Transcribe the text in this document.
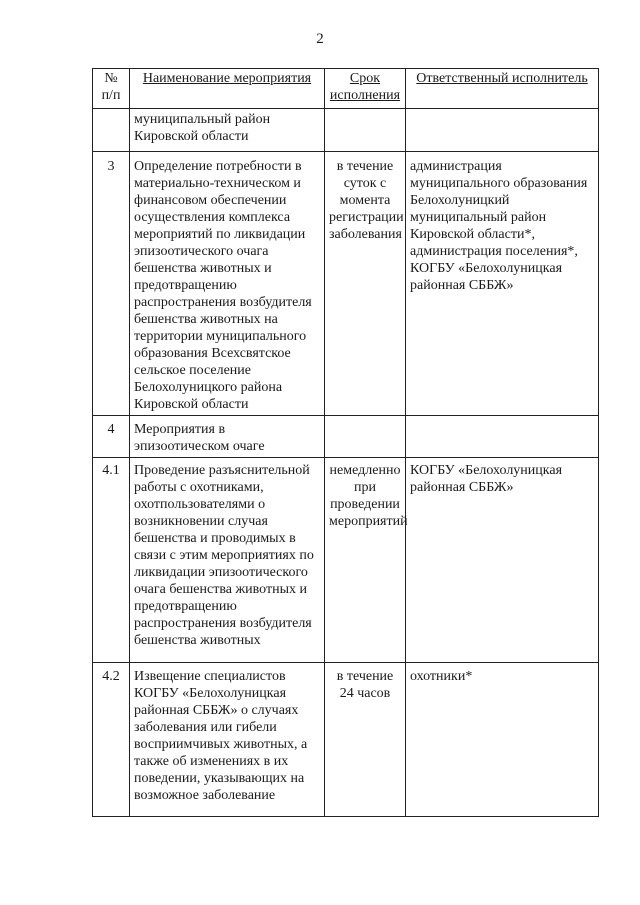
2
№ п/п	Наименование мероприятия	Срок исполнения	Ответственный исполнитель
	муниципальный район Кировской области		
3	Определение потребности в материально-техническом и финансовом обеспечении осуществления комплекса мероприятий по ликвидации эпизоотического очага бешенства животных и предотвращению распространения возбудителя бешенства животных на территории муниципального образования Всехсвятское сельское поселение Белохолуницкого района Кировской области	в течение суток с момента регистрации заболевания	администрация муниципального образования Белохолуницкий муниципальный район Кировской области*, администрация поселения*, КОГБУ «Белохолуницкая районная СББЖ»
4	Мероприятия в эпизоотическом очаге		
4.1	Проведение разъяснительной работы с охотниками, охотпользователями о возникновении случая бешенства и проводимых в связи с этим мероприятиях по ликвидации эпизоотического очага бешенства животных и предотвращению распространения возбудителя бешенства животных	немедленно при проведении мероприятий	КОГБУ «Белохолуницкая районная СББЖ»
4.2	Извещение специалистов КОГБУ «Белохолуницкая районная СББЖ» о случаях заболевания или гибели восприимчивых животных, а также об изменениях в их поведении, указывающих на возможное заболевание	в течение 24 часов	охотники*
